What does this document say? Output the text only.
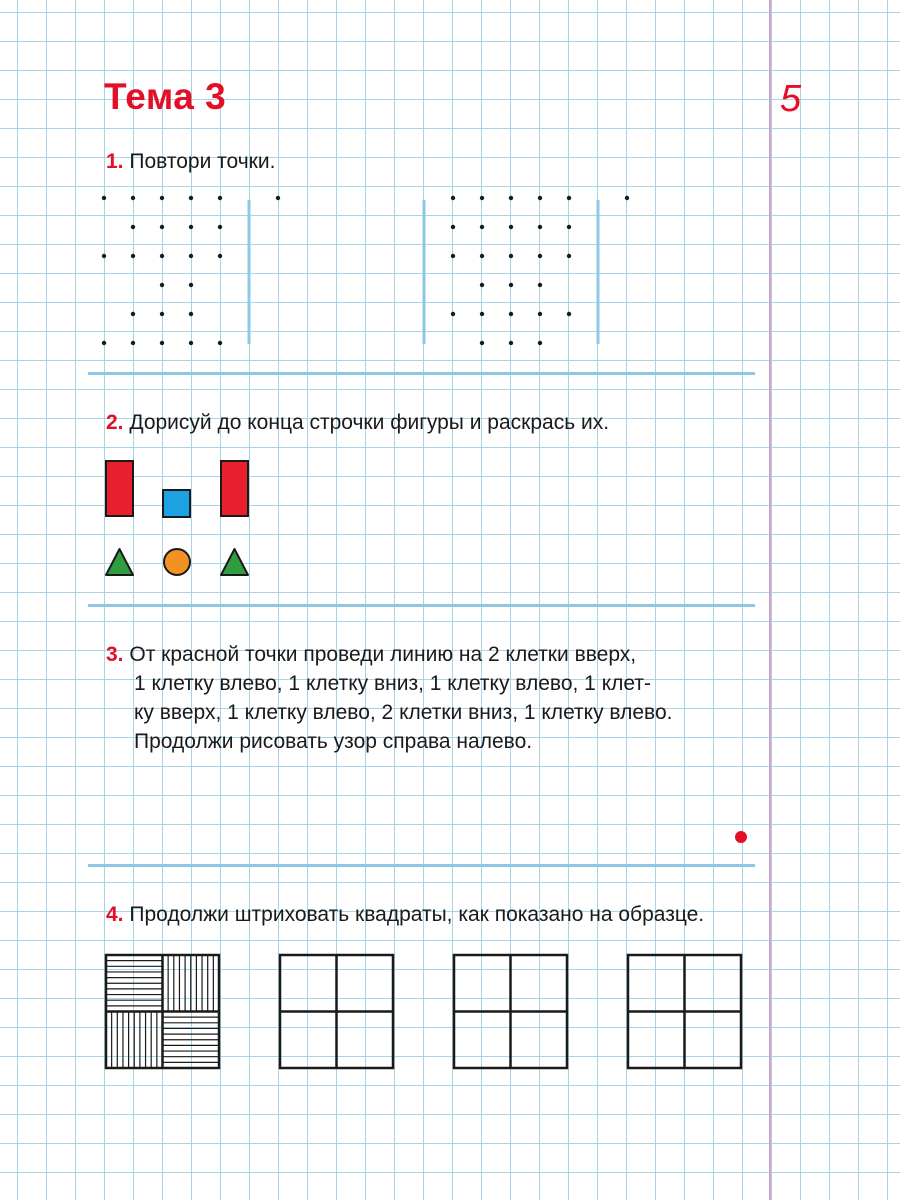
Тема 3	5
1. Повтори точки.
2. Дорисуй до конца строчки фигуры и раскрась их.
3. От красной точки проведи линию на 2 клетки вверх,
1 клетку влево, 1 клетку вниз, 1 клетку влево, 1 клет-
ку вверх, 1 клетку влево, 2 клетки вниз, 1 клетку влево.
Продолжи рисовать узор справа налево.
4. Продолжи штриховать квадраты, как показано на образце.
